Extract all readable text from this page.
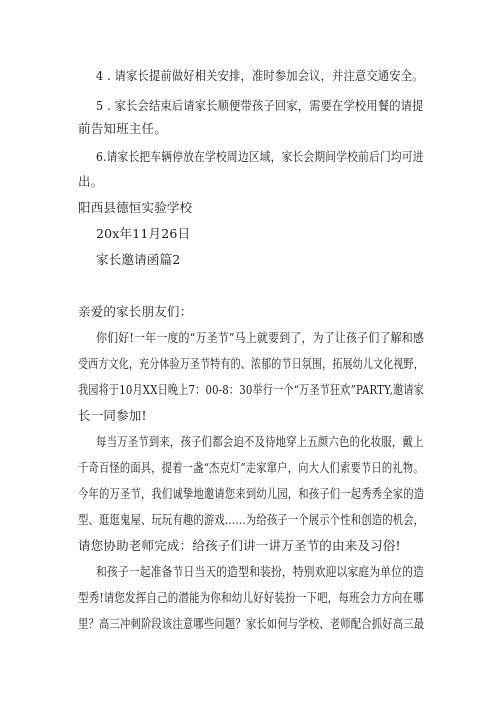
4 . 请家长提前做好相关安排，准时参加会议，并注意交通安全。
5 . 家长会结束后请家长顺便带孩子回家，需要在学校用餐的请提
前告知班主任。
6.请家长把车辆停放在学校周边区域，家长会期间学校前后门均可进
出。
阳西县德恒实验学校
20x年11月26日
家长邀请函篇2
亲爱的家长朋友们：
你们好!一年一度的“万圣节”马上就要到了，为了让孩子们了解和感
受西方文化，充分体验万圣节特有的、浓郁的节日氛围，拓展幼儿文化视野，
我园将于10月XX日晚上7：00-8：30举行一个“万圣节狂欢”PARTY,邀请家
长一同参加!
每当万圣节到来，孩子们都会迫不及待地穿上五颜六色的化妆服，戴上
千奇百怪的面具，提着一盏“杰克灯”走家窜户，向大人们索要节日的礼物。
今年的万圣节，我们诚挚地邀请您来到幼儿园，和孩子们一起秀秀全家的造
型、逛逛鬼屋、玩玩有趣的游戏……为给孩子一个展示个性和创造的机会，
请您协助老师完成：给孩子们讲一讲万圣节的由来及习俗!
和孩子一起准备节日当天的造型和装扮，特别欢迎以家庭为单位的造
型秀!请您发挥自己的潜能为你和幼儿好好装扮一下吧，每班会力方向在哪
里？高三冲刺阶段该注意哪些问题？家长如何与学校、老师配合抓好高三最
